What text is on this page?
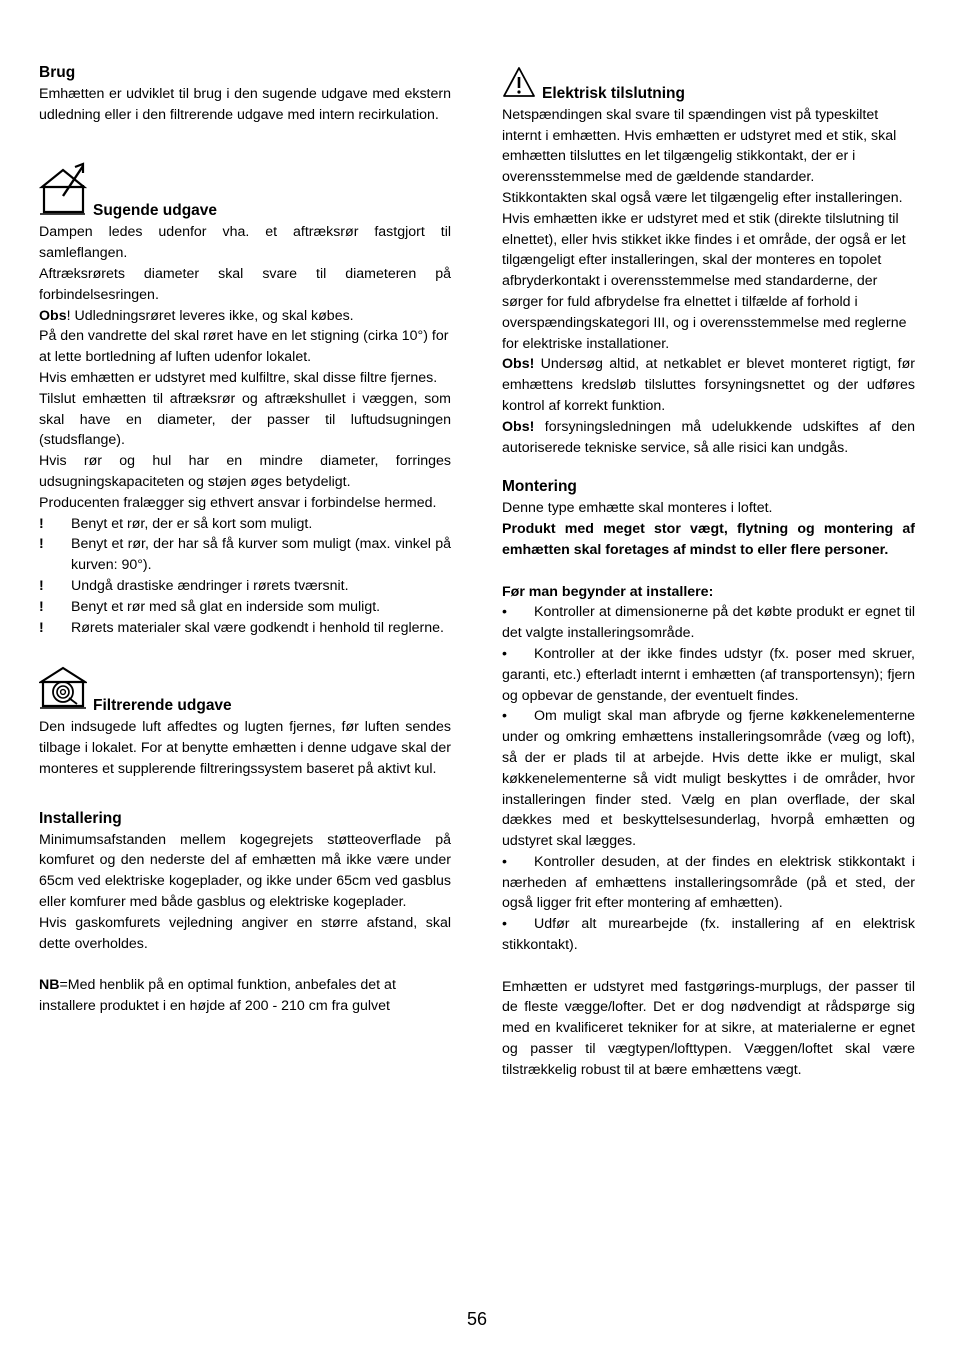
Brug

Emhætten er udviklet til brug i den sugende udgave med ekstern udledning eller i den filtrerende udgave med intern recirkulation.

Sugende udgave

Dampen ledes udenfor vha. et aftræksrør fastgjort til samleflangen.

Aftræksrørets diameter skal svare til diameteren på forbindelsesringen.

Obs! Udledningsrøret leveres ikke, og skal købes.

På den vandrette del skal røret have en let stigning (cirka 10°) for at lette bortledning af luften udenfor lokalet.

Hvis emhætten er udstyret med kulfiltre, skal disse filtre fjernes.

Tilslut emhætten til aftræksrør og aftrækshullet i væggen, som skal have en diameter, der passer til luftudsugningen (studsflange).

Hvis rør og hul har en mindre diameter, forringes udsugningskapaciteten og støjen øges betydeligt.

Producenten fralægger sig ethvert ansvar i forbindelse hermed.

!	Benyt et rør, der er så kort som muligt.
!	Benyt et rør, der har så få kurver som muligt (max. vinkel på kurven: 90°).
!	Undgå drastiske ændringer i rørets tværsnit.
!	Benyt et rør med så glat en inderside som muligt.
!	Rørets materialer skal være godkendt i henhold til reglerne.
Filtrerende udgave

Den indsugede luft affedtes og lugten fjernes, før luften sendes tilbage i lokalet. For at benytte emhætten i denne udgave skal der monteres et supplerende filtreringssystem baseret på aktivt kul.

Installering

Minimumsafstanden mellem kogegrejets støtteoverflade på komfuret og den nederste del af emhætten må ikke være under 65cm ved elektriske kogeplader, og ikke under 65cm ved gasblus eller komfurer med både gasblus og elektriske kogeplader.

Hvis gaskomfurets vejledning angiver en større afstand, skal dette overholdes.

NB=Med henblik på en optimal funktion, anbefales det at installere produktet i en højde af 200 - 210 cm fra gulvet

Elektrisk tilslutning

Netspændingen skal svare til spændingen vist på typeskiltet internt i emhætten. Hvis emhætten er udstyret med et stik, skal emhætten tilsluttes en let tilgængelig stikkontakt, der er i overensstemmelse med de gældende standarder.

Stikkontakten skal også være let tilgængelig efter installeringen. Hvis emhætten ikke er udstyret med et stik (direkte tilslutning til elnettet), eller hvis stikket ikke findes i et område, der også er let tilgængeligt efter installeringen, skal der monteres en topolet afbryderkontakt i overensstemmelse med standarderne, der sørger for fuld afbrydelse fra elnettet i tilfælde af forhold i overspændingskategori III, og i overensstemmelse med reglerne for elektriske installationer.

Obs! Undersøg altid, at netkablet er blevet monteret rigtigt, før emhættens kredsløb tilsluttes forsyningsnettet og der udføres kontrol af korrekt funktion.

Obs! forsyningsledningen må udelukkende udskiftes af den autoriserede tekniske service, så alle risici kan undgås.

Montering

Denne type emhætte skal monteres i loftet.

Produkt med meget stor vægt, flytning og montering af emhætten skal foretages af mindst to eller flere personer.

Før man begynder at installere:

• Kontroller at dimensionerne på det købte produkt er egnet til det valgte installeringsområde.

• Kontroller at der ikke findes udstyr (fx. poser med skruer, garanti, etc.) efterladt internt i emhætten (af transportensyn); fjern og opbevar de genstande, der eventuelt findes.

• Om muligt skal man afbryde og fjerne køkkenelementerne under og omkring emhættens installeringsområde (væg og loft), så der er plads til at arbejde. Hvis dette ikke er muligt, skal køkkenelementerne så vidt muligt beskyttes i de områder, hvor installeringen finder sted. Vælg en plan overflade, der skal dækkes med et beskyttelsesunderlag, hvorpå emhætten og udstyret skal lægges.

• Kontroller desuden, at der findes en elektrisk stikkontakt i nærheden af emhættens installeringsområde (på et sted, der også ligger frit efter montering af emhætten).

• Udfør alt murearbejde (fx. installering af en elektrisk stikkontakt).

Emhætten er udstyret med fastgørings-murplugs, der passer til de fleste vægge/lofter. Det er dog nødvendigt at rådspørge sig med en kvalificeret tekniker for at sikre, at materialerne er egnet og passer til vægtypen/lofttypen. Væggen/loftet skal være tilstrækkelig robust til at bære emhættens vægt.

56
